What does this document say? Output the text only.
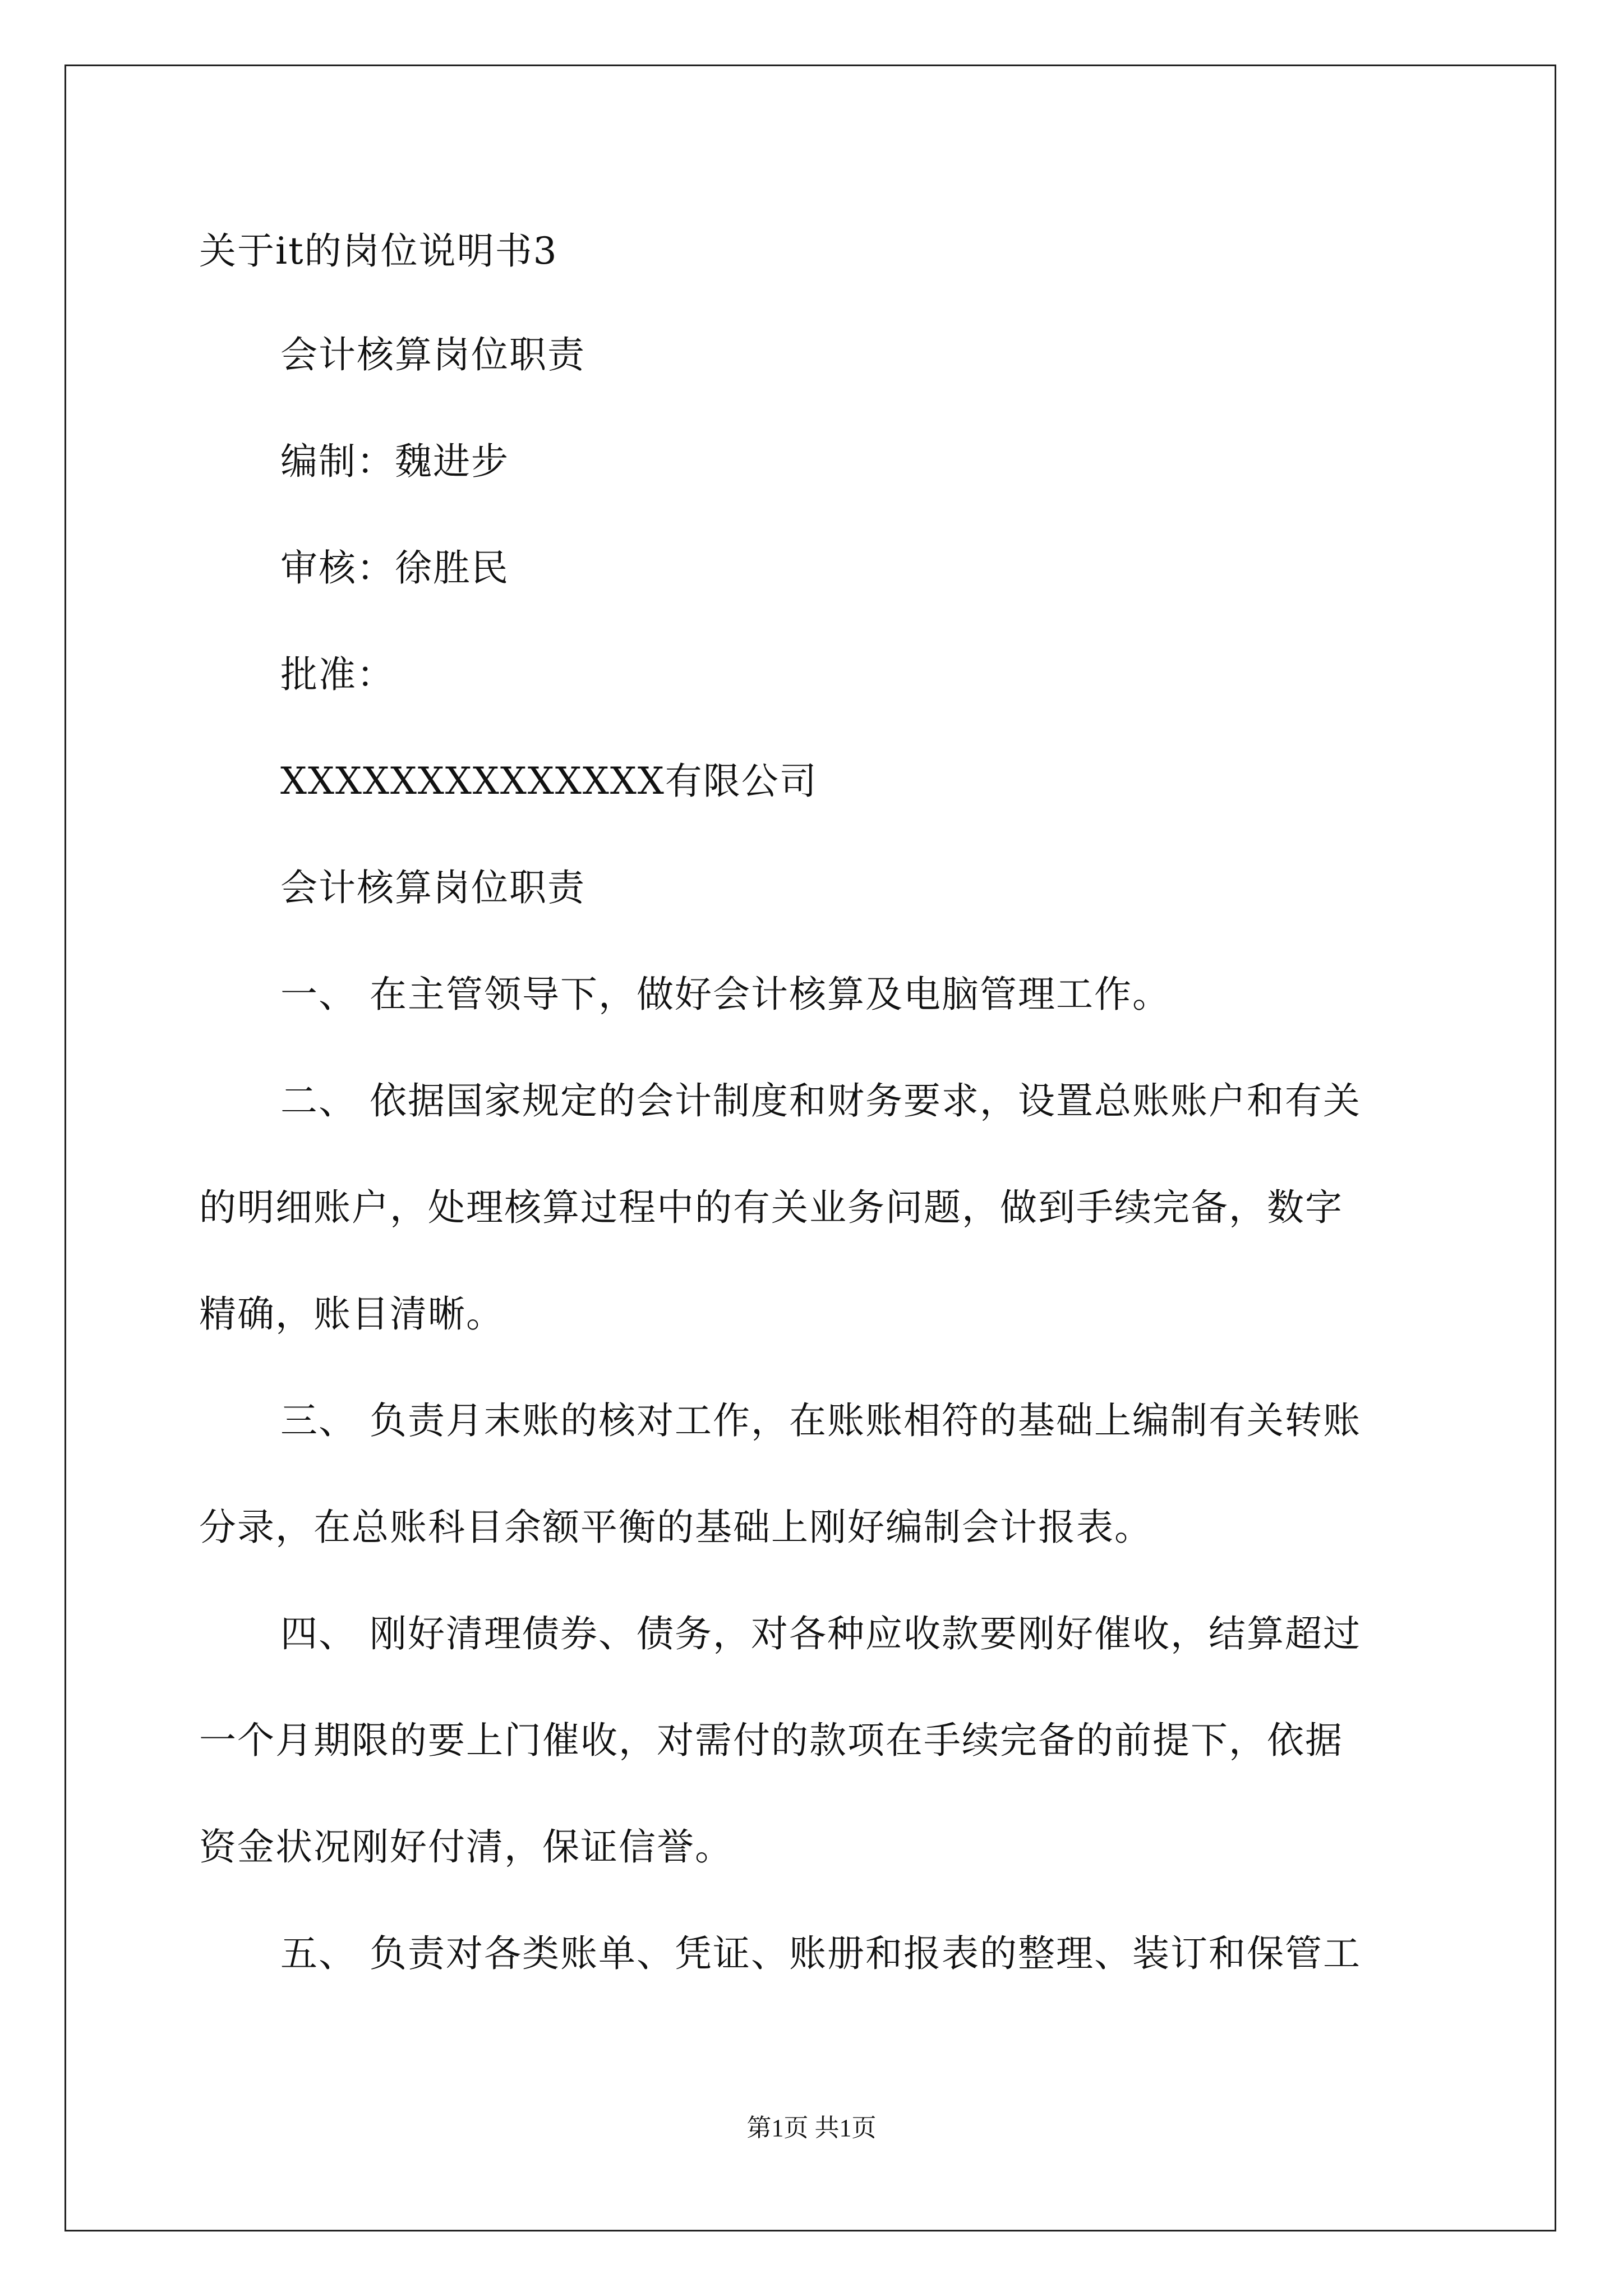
关于it的岗位说明书3
会计核算岗位职责
编制：魏进步
审核：徐胜民
批准：
XXXXXXXXXXXXXX有限公司
会计核算岗位职责
一、 在主管领导下，做好会计核算及电脑管理工作。
二、 依据国家规定的会计制度和财务要求，设置总账账户和有关
的明细账户，处理核算过程中的有关业务问题，做到手续完备，数字
精确，账目清晰。
三、 负责月末账的核对工作，在账账相符的基础上编制有关转账
分录，在总账科目余额平衡的基础上刚好编制会计报表。
四、 刚好清理债券、债务，对各种应收款要刚好催收，结算超过
一个月期限的要上门催收，对需付的款项在手续完备的前提下，依据
资金状况刚好付清，保证信誉。
五、 负责对各类账单、凭证、账册和报表的整理、装订和保管工
第1页 共1页
